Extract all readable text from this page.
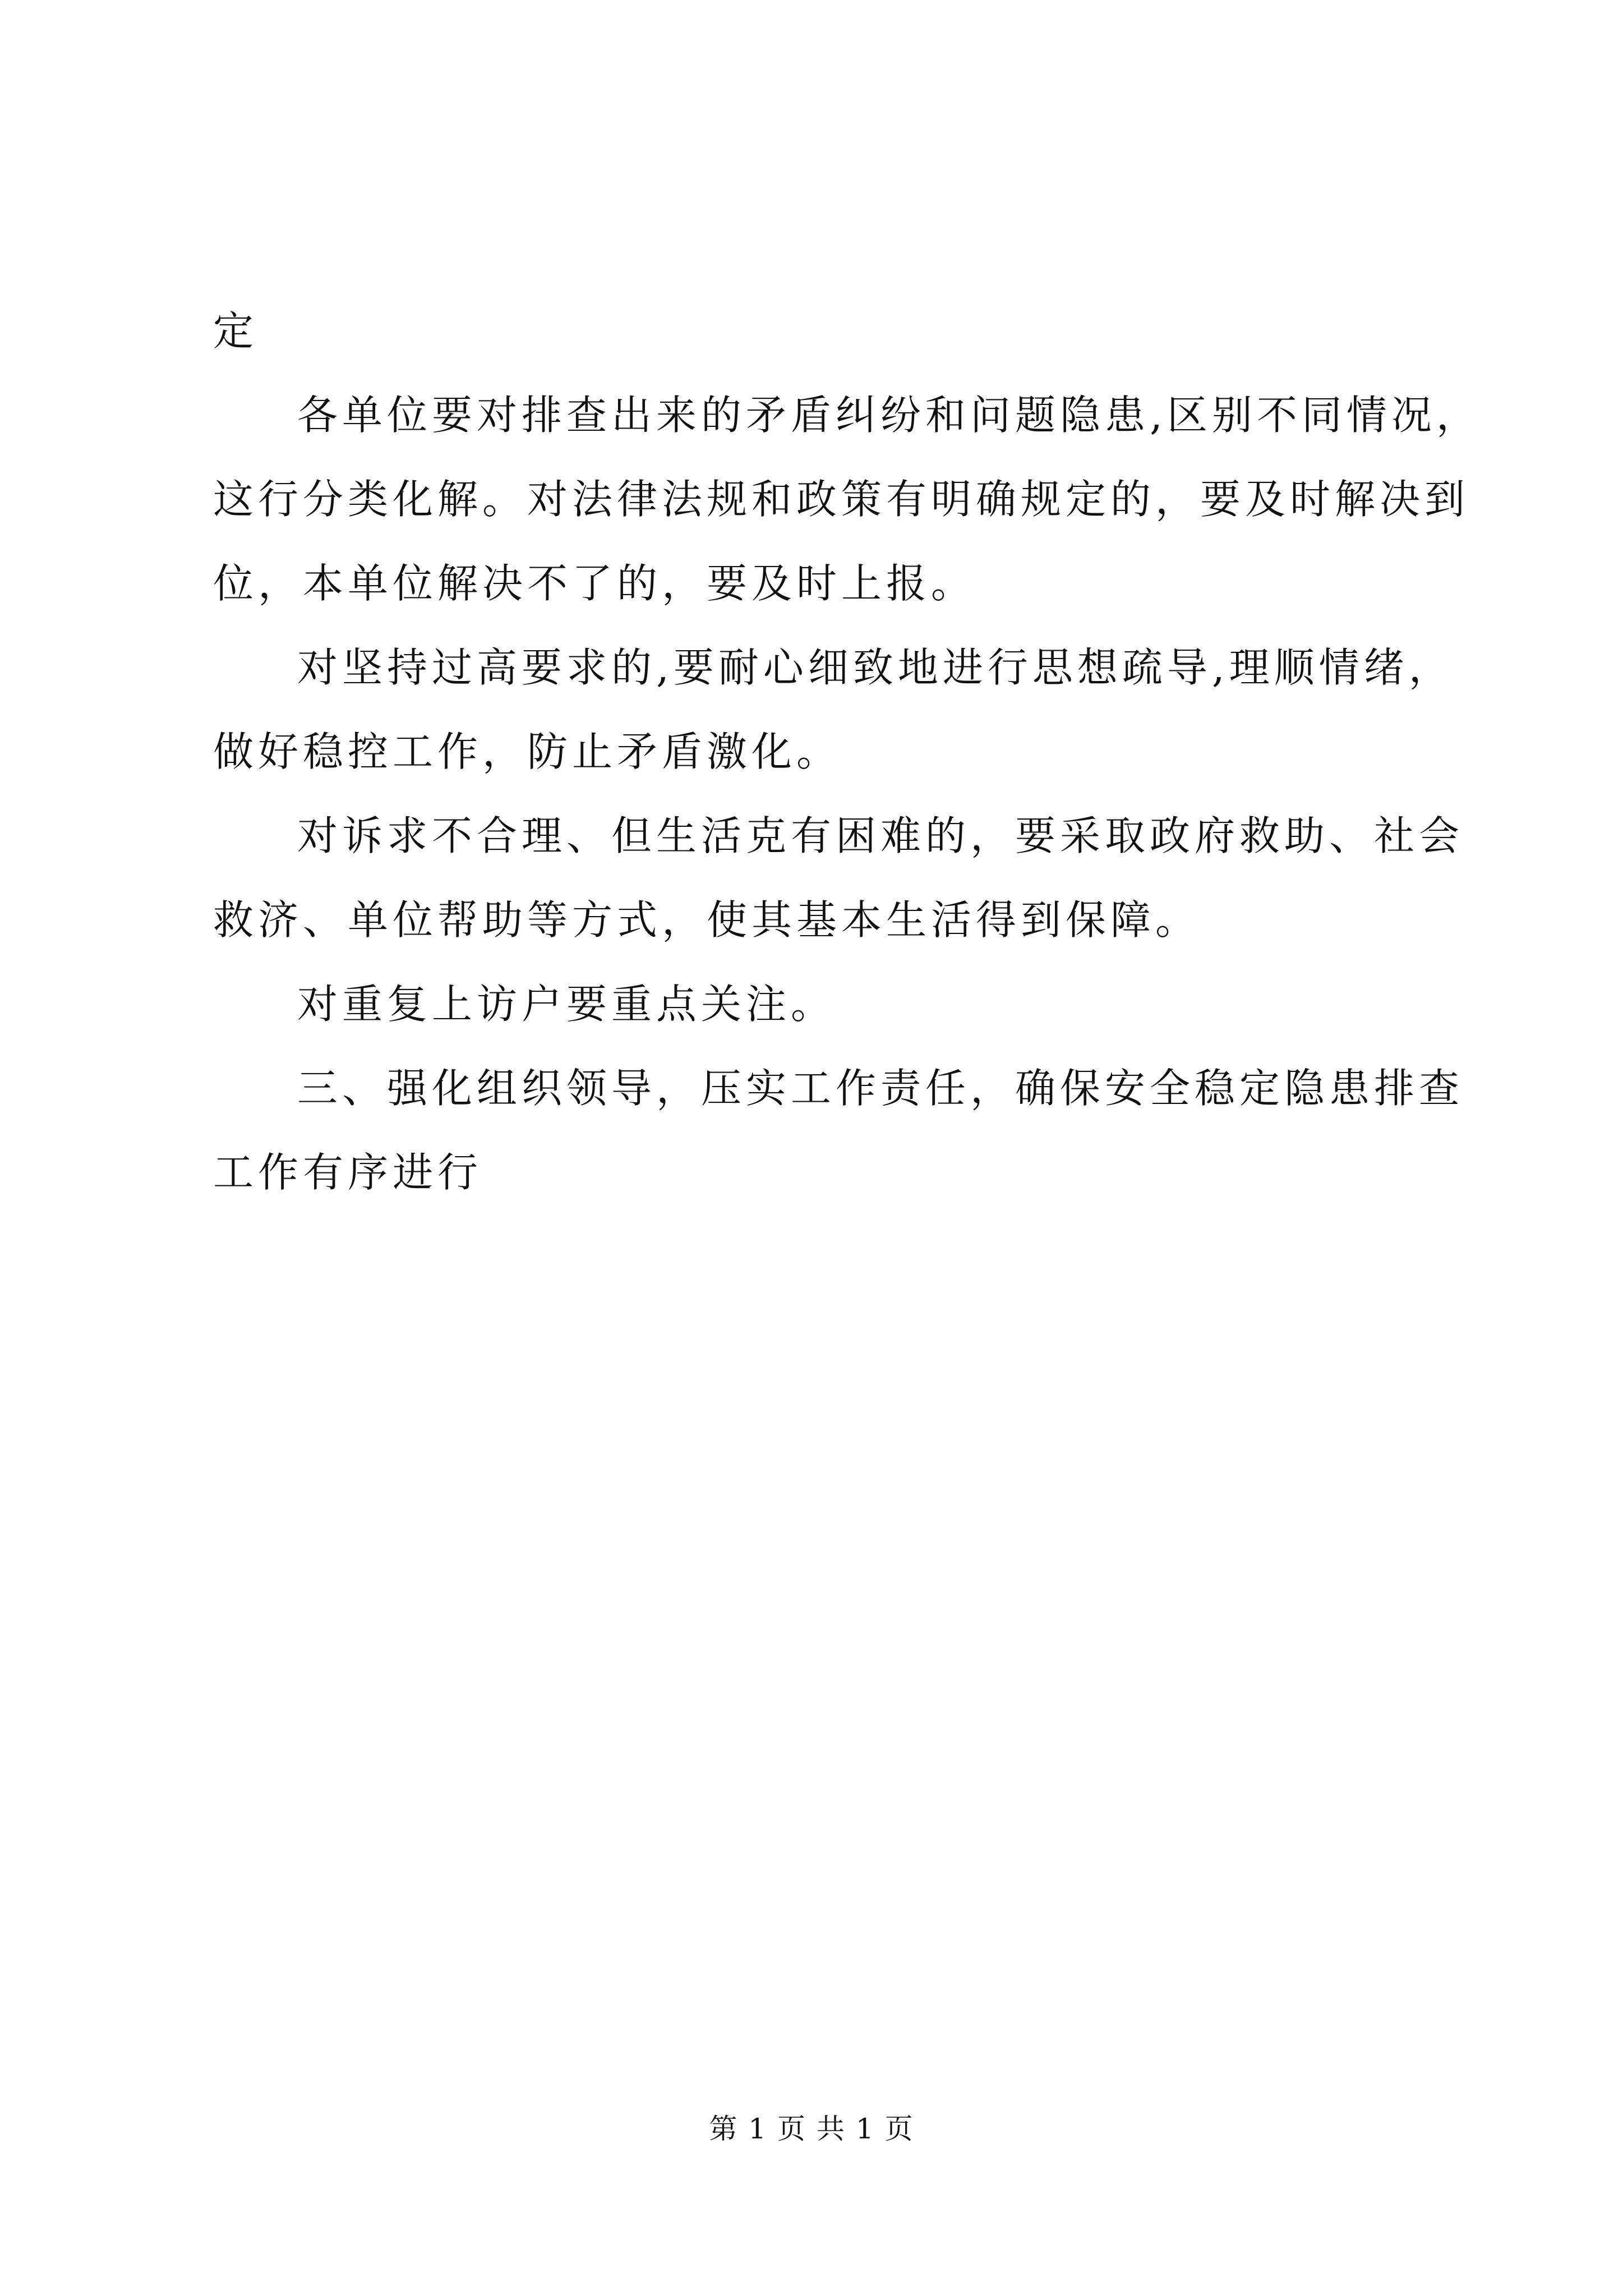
定
各单位要对排查出来的矛盾纠纷和问题隐患,区别不同情况，
这行分类化解。对法律法规和政策有明确规定的，要及时解决到
位，本单位解决不了的，要及时上报。
对坚持过高要求的,要耐心细致地进行思想疏导,理顺情绪，
做好稳控工作，防止矛盾激化。
对诉求不合理、但生活克有困难的，要采取政府救助、社会
救济、单位帮助等方式，使其基本生活得到保障。
对重复上访户要重点关注。
三、强化组织领导，压实工作责任，确保安全稳定隐患排查
工作有序进行
第 1 页 共 1 页
